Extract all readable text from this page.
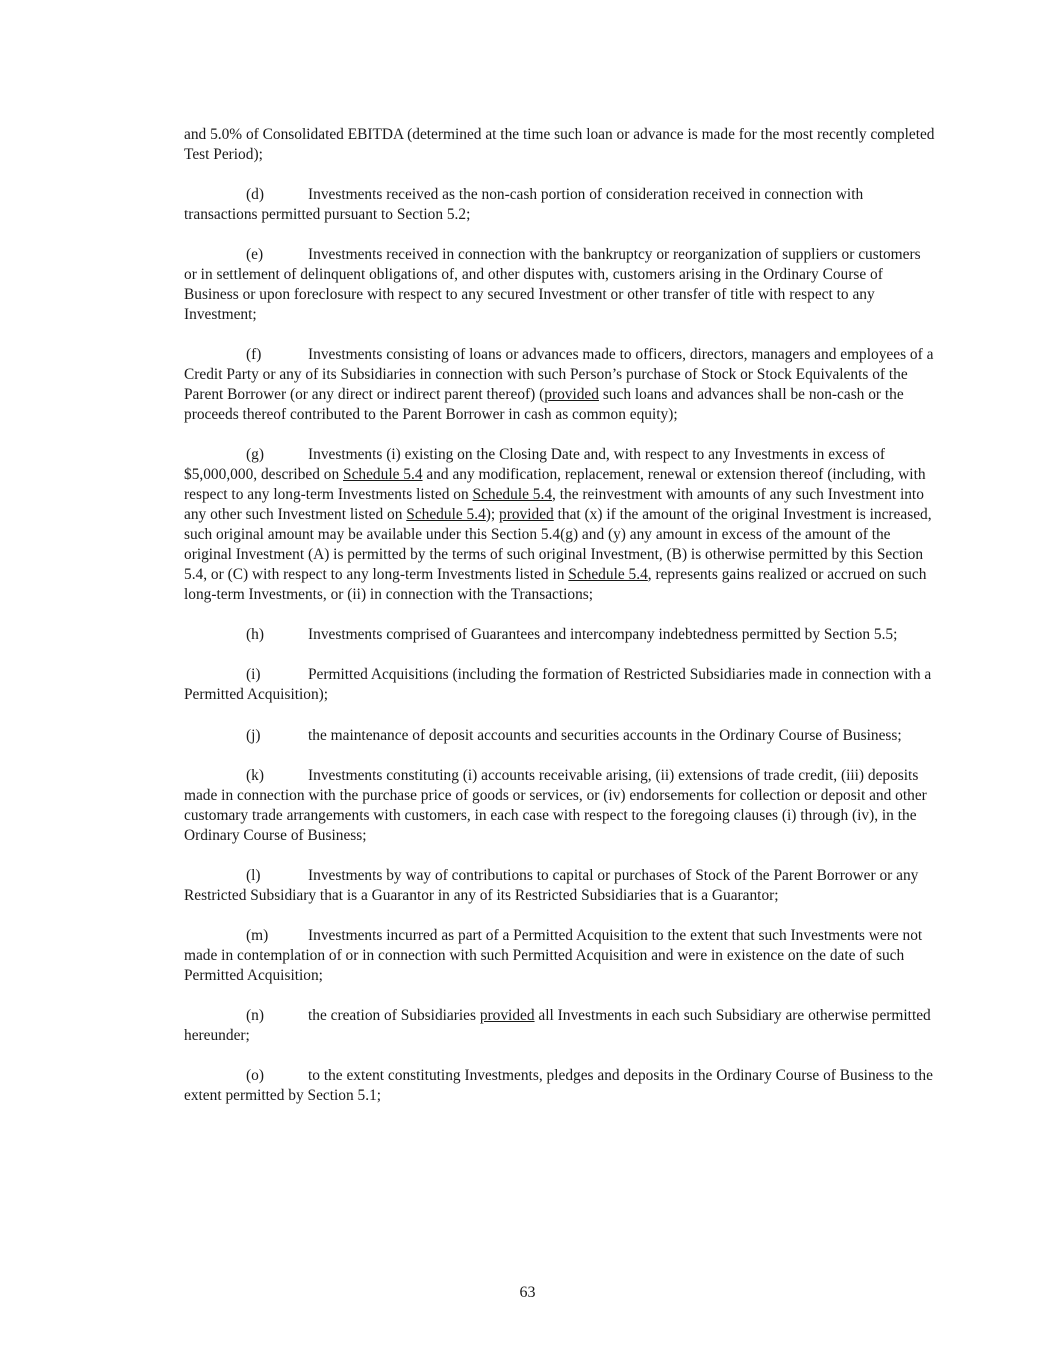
and 5.0% of Consolidated EBITDA (determined at the time such loan or advance is made for the most recently completed Test Period);

(d)	Investments received as the non-cash portion of consideration received in connection with transactions permitted pursuant to Section 5.2;

(e)	Investments received in connection with the bankruptcy or reorganization of suppliers or customers or in settlement of delinquent obligations of, and other disputes with, customers arising in the Ordinary Course of Business or upon foreclosure with respect to any secured Investment or other transfer of title with respect to any Investment;

(f)	Investments consisting of loans or advances made to officers, directors, managers and employees of a Credit Party or any of its Subsidiaries in connection with such Person’s purchase of Stock or Stock Equivalents of the Parent Borrower (or any direct or indirect parent thereof) (provided such loans and advances shall be non-cash or the proceeds thereof contributed to the Parent Borrower in cash as common equity);

(g)	Investments (i) existing on the Closing Date and, with respect to any Investments in excess of $5,000,000, described on Schedule 5.4 and any modification, replacement, renewal or extension thereof (including, with respect to any long-term Investments listed on Schedule 5.4, the reinvestment with amounts of any such Investment into any other such Investment listed on Schedule 5.4); provided that (x) if the amount of the original Investment is increased, such original amount may be available under this Section 5.4(g) and (y) any amount in excess of the amount of the original Investment (A) is permitted by the terms of such original Investment, (B) is otherwise permitted by this Section 5.4, or (C) with respect to any long-term Investments listed in Schedule 5.4, represents gains realized or accrued on such long-term Investments, or (ii) in connection with the Transactions;

(h)	Investments comprised of Guarantees and intercompany indebtedness permitted by Section 5.5;

(i)	Permitted Acquisitions (including the formation of Restricted Subsidiaries made in connection with a Permitted Acquisition);

(j)	the maintenance of deposit accounts and securities accounts in the Ordinary Course of Business;

(k)	Investments constituting (i) accounts receivable arising, (ii) extensions of trade credit, (iii) deposits made in connection with the purchase price of goods or services, or (iv) endorsements for collection or deposit and other customary trade arrangements with customers, in each case with respect to the foregoing clauses (i) through (iv), in the Ordinary Course of Business;

(l)	Investments by way of contributions to capital or purchases of Stock of the Parent Borrower or any Restricted Subsidiary that is a Guarantor in any of its Restricted Subsidiaries that is a Guarantor;

(m)	Investments incurred as part of a Permitted Acquisition to the extent that such Investments were not made in contemplation of or in connection with such Permitted Acquisition and were in existence on the date of such Permitted Acquisition;

(n)	the creation of Subsidiaries provided all Investments in each such Subsidiary are otherwise permitted hereunder;

(o)	to the extent constituting Investments, pledges and deposits in the Ordinary Course of Business to the extent permitted by Section 5.1;

63
